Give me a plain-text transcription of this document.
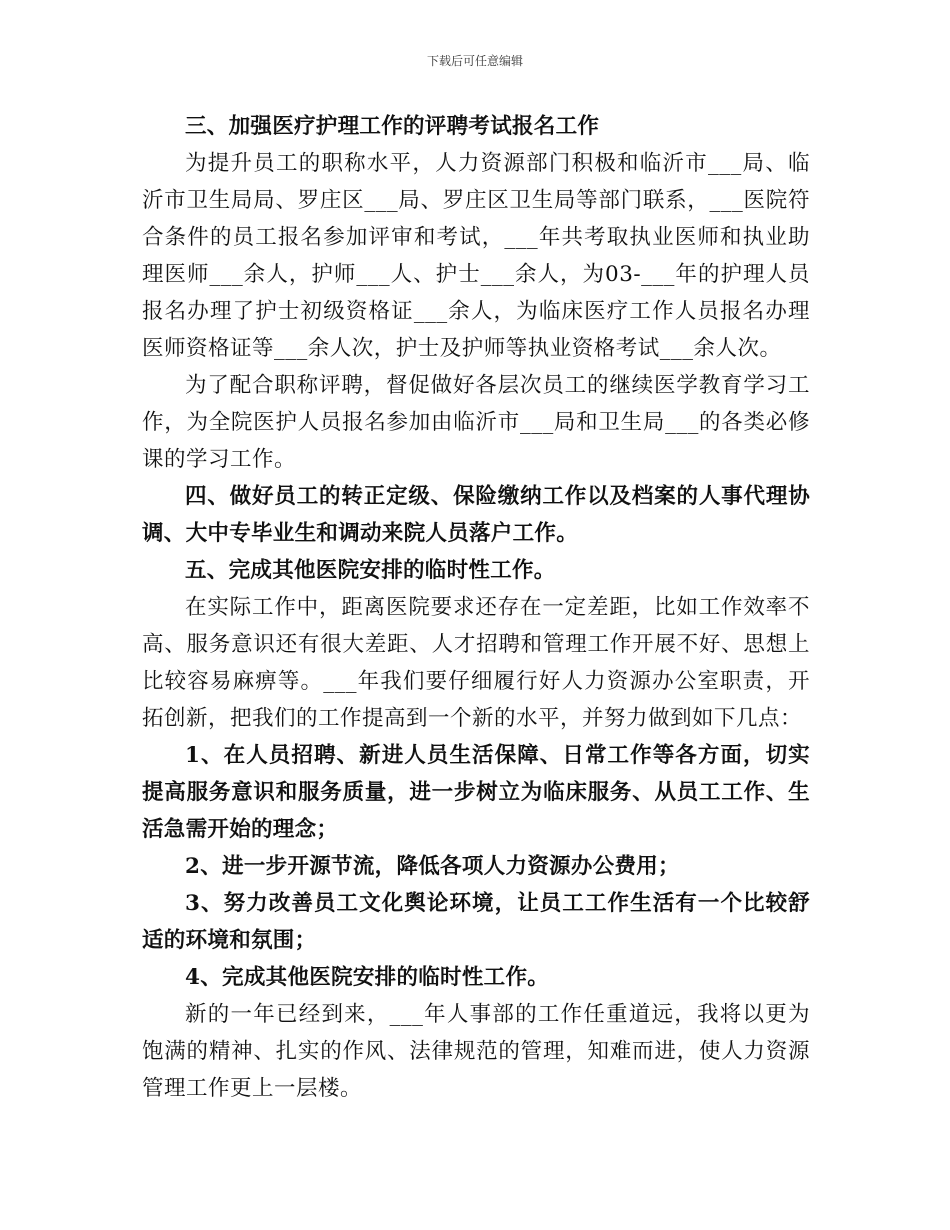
下载后可任意编辑

三、加强医疗护理工作的评聘考试报名工作

为提升员工的职称水平，人力资源部门积极和临沂市___局、临沂市卫生局局、罗庄区___局、罗庄区卫生局等部门联系，___医院符合条件的员工报名参加评审和考试，___年共考取执业医师和执业助理医师___余人，护师___人、护士___余人，为03-___年的护理人员报名办理了护士初级资格证___余人，为临床医疗工作人员报名办理医师资格证等___余人次，护士及护师等执业资格考试___余人次。

为了配合职称评聘，督促做好各层次员工的继续医学教育学习工作，为全院医护人员报名参加由临沂市___局和卫生局___的各类必修课的学习工作。

四、做好员工的转正定级、保险缴纳工作以及档案的人事代理协调、大中专毕业生和调动来院人员落户工作。

五、完成其他医院安排的临时性工作。

在实际工作中，距离医院要求还存在一定差距，比如工作效率不高、服务意识还有很大差距、人才招聘和管理工作开展不好、思想上比较容易麻痹等。___年我们要仔细履行好人力资源办公室职责，开拓创新，把我们的工作提高到一个新的水平，并努力做到如下几点：

1、在人员招聘、新进人员生活保障、日常工作等各方面，切实提高服务意识和服务质量，进一步树立为临床服务、从员工工作、生活急需开始的理念；

2、进一步开源节流，降低各项人力资源办公费用；

3、努力改善员工文化舆论环境，让员工工作生活有一个比较舒适的环境和氛围；

4、完成其他医院安排的临时性工作。

新的一年已经到来，___年人事部的工作任重道远，我将以更为饱满的精神、扎实的作风、法律规范的管理，知难而进，使人力资源管理工作更上一层楼。
